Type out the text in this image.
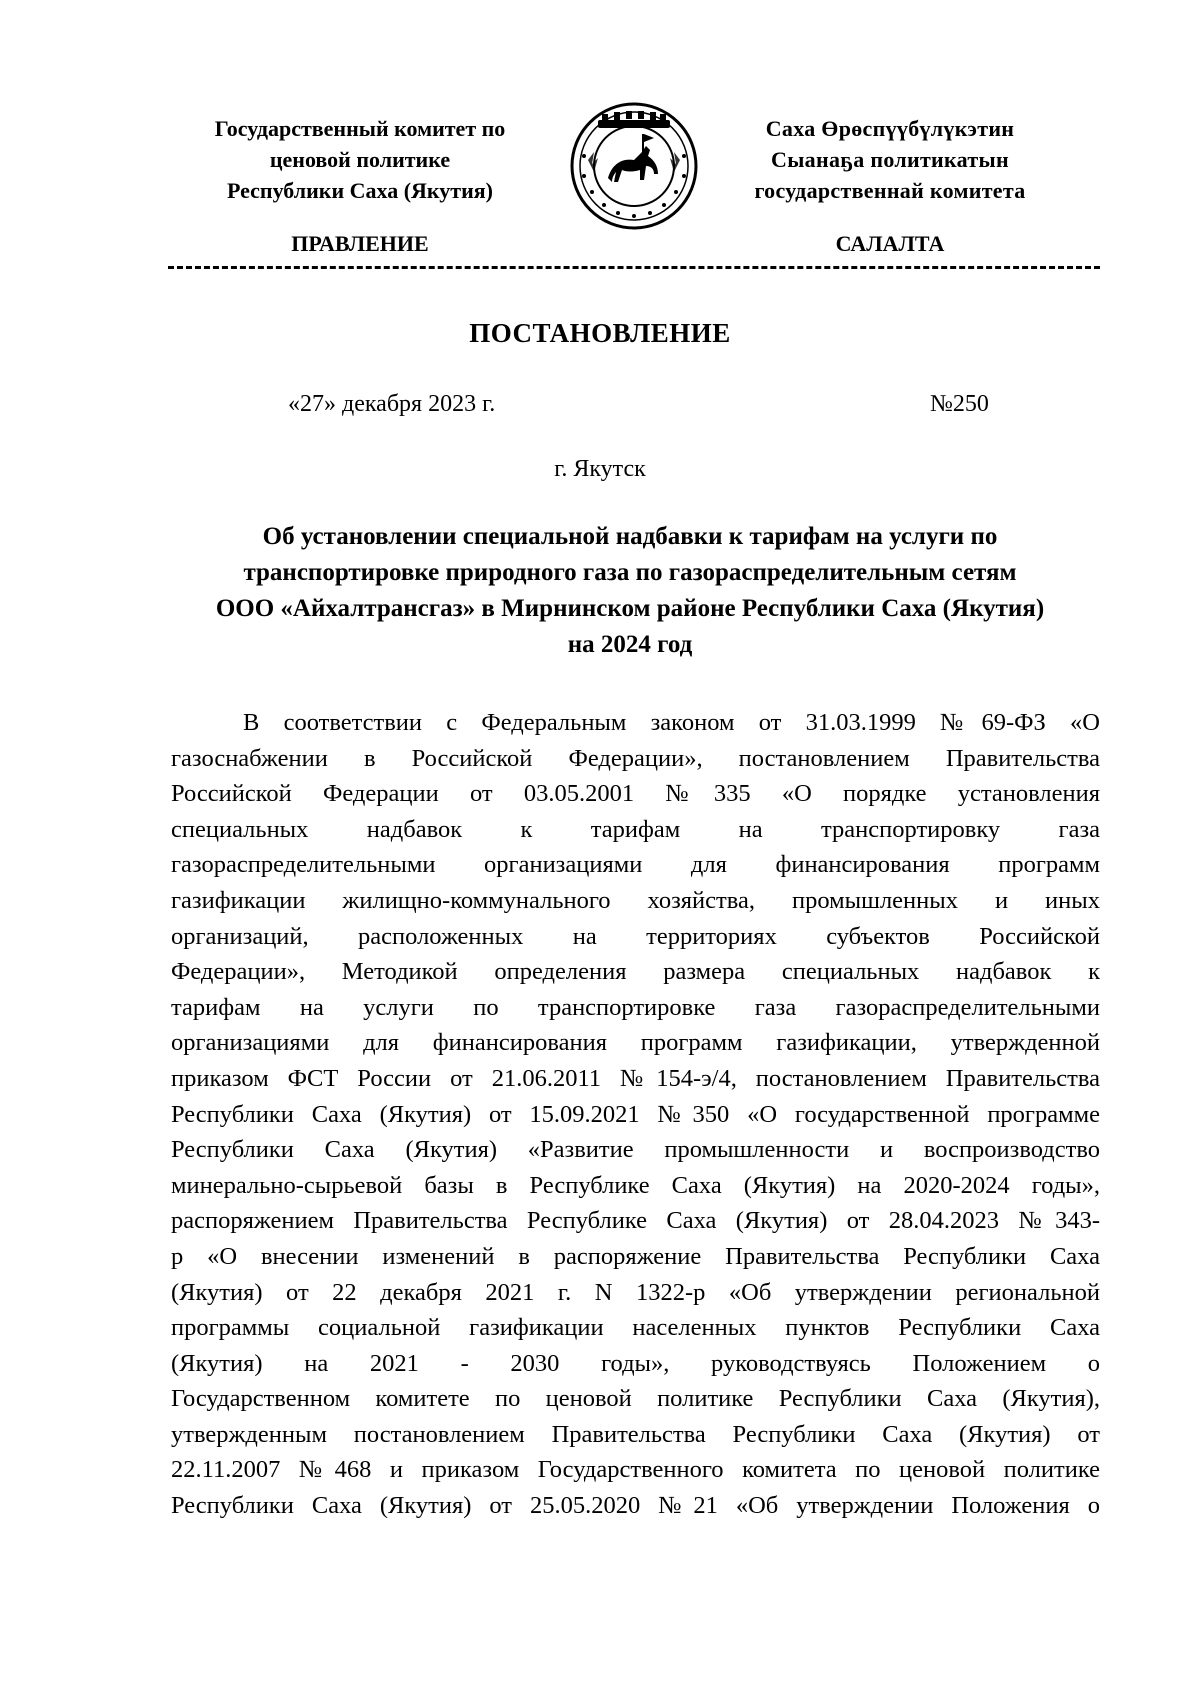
Государственный комитет по
ценовой политике
Республики Саха (Якутия)
Саха Өрөспүүбүлүкэтин
Сыанаҕа политикатын
государственнай комитета
ПРАВЛЕНИЕ	САЛАЛТА
ПОСТАНОВЛЕНИЕ
«27» декабря 2023 г.	№250
г. Якутск
Об установлении специальной надбавки к тарифам на услуги по
транспортировке природного газа по газораспределительным сетям
ООО «Айхалтрансгаз» в Мирнинском районе Республики Саха (Якутия)
на 2024 год
В соответствии с Федеральным законом от 31.03.1999 №69-ФЗ «О
газоснабжении в Российской Федерации», постановлением Правительства
Российской Федерации от 03.05.2001 №335 «О порядке установления
специальных надбавок к тарифам на транспортировку газа
газораспределительными организациями для финансирования программ
газификации жилищно-коммунального хозяйства, промышленных и иных
организаций, расположенных на территориях субъектов Российской
Федерации», Методикой определения размера специальных надбавок к
тарифам на услуги по транспортировке газа газораспределительными
организациями для финансирования программ газификации, утвержденной
приказом ФСТ России от 21.06.2011 №154-э/4, постановлением Правительства
Республики Саха (Якутия) от 15.09.2021 №350 «О государственной программе
Республики Саха (Якутия) «Развитие промышленности и воспроизводство
минерально-сырьевой базы в Республике Саха (Якутия) на 2020-2024 годы»,
распоряжением Правительства Республике Саха (Якутия) от 28.04.2023 №343-
р «О внесении изменений в распоряжение Правительства Республики Саха
(Якутия) от 22 декабря 2021 г. N 1322-р «Об утверждении региональной
программы социальной газификации населенных пунктов Республики Саха
(Якутия) на 2021 - 2030 годы», руководствуясь Положением о
Государственном комитете по ценовой политике Республики Саха (Якутия),
утвержденным постановлением Правительства Республики Саха (Якутия) от
22.11.2007 №468 и приказом Государственного комитета по ценовой политике
Республики Саха (Якутия) от 25.05.2020 №21 «Об утверждении Положения о
